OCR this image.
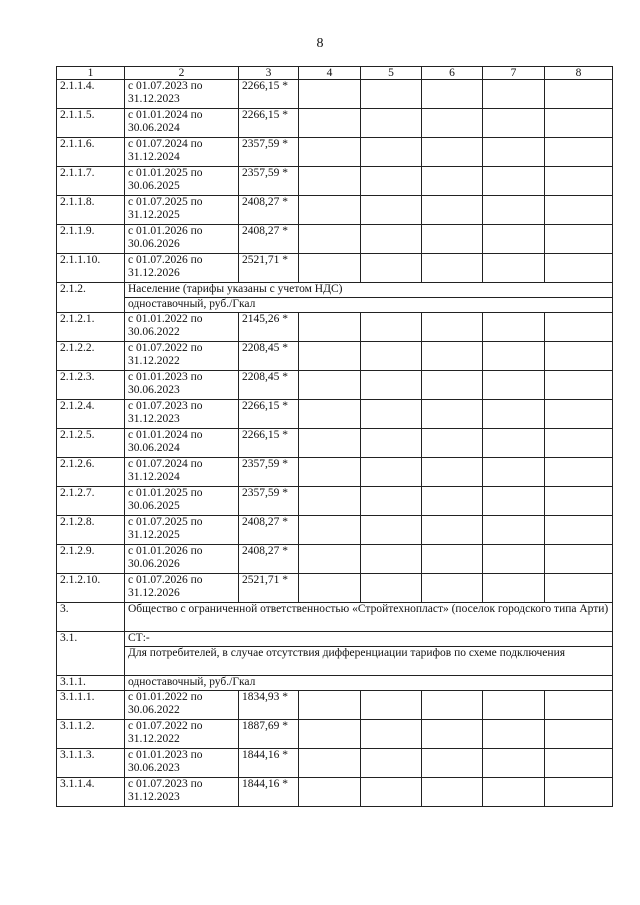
8
1	2	3	4	5	6	7	8
2.1.1.4.	с 01.07.2023 по 31.12.2023	2266,15 *					
2.1.1.5.	с 01.01.2024 по 30.06.2024	2266,15 *					
2.1.1.6.	с 01.07.2024 по 31.12.2024	2357,59 *					
2.1.1.7.	с 01.01.2025 по 30.06.2025	2357,59 *					
2.1.1.8.	с 01.07.2025 по 31.12.2025	2408,27 *					
2.1.1.9.	с 01.01.2026 по 30.06.2026	2408,27 *					
2.1.1.10.	с 01.07.2026 по 31.12.2026	2521,71 *					
2.1.2.	Население (тарифы указаны с учетом НДС)						
	одноставочный, руб./Гкал						
2.1.2.1.	с 01.01.2022 по 30.06.2022	2145,26 *					
2.1.2.2.	с 01.07.2022 по 31.12.2022	2208,45 *					
2.1.2.3.	с 01.01.2023 по 30.06.2023	2208,45 *					
2.1.2.4.	с 01.07.2023 по 31.12.2023	2266,15 *					
2.1.2.5.	с 01.01.2024 по 30.06.2024	2266,15 *					
2.1.2.6.	с 01.07.2024 по 31.12.2024	2357,59 *					
2.1.2.7.	с 01.01.2025 по 30.06.2025	2357,59 *					
2.1.2.8.	с 01.07.2025 по 31.12.2025	2408,27 *					
2.1.2.9.	с 01.01.2026 по 30.06.2026	2408,27 *					
2.1.2.10.	с 01.07.2026 по 31.12.2026	2521,71 *					
3.	Общество с ограниченной ответственностью «Стройтехнопласт» (поселок городского типа Арти)						
3.1.	СТ:-						
	Для потребителей, в случае отсутствия дифференциации тарифов по схеме подключения						
3.1.1.	одноставочный, руб./Гкал						
3.1.1.1.	с 01.01.2022 по 30.06.2022	1834,93 *					
3.1.1.2.	с 01.07.2022 по 31.12.2022	1887,69 *					
3.1.1.3.	с 01.01.2023 по 30.06.2023	1844,16 *					
3.1.1.4.	с 01.07.2023 по 31.12.2023	1844,16 *					
